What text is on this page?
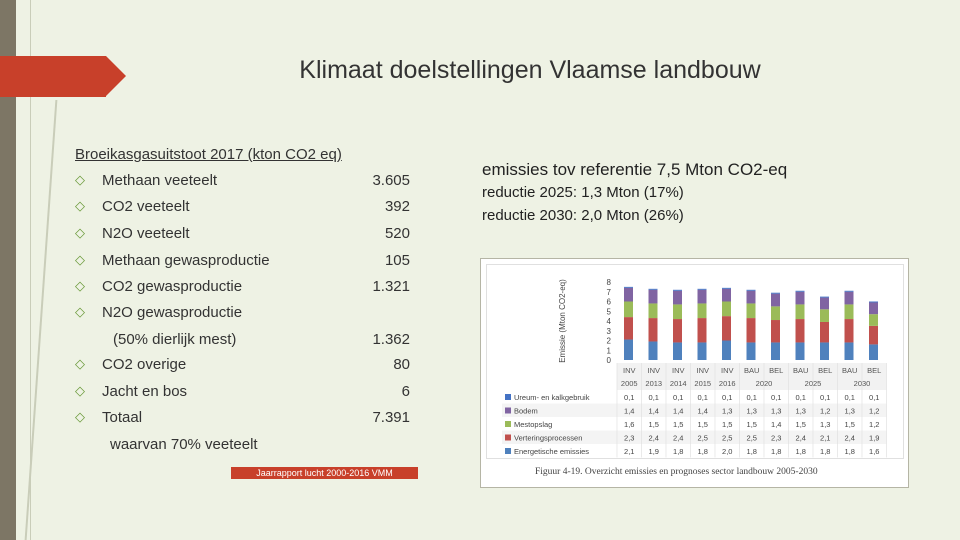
Klimaat doelstellingen Vlaamse landbouw
Broeikasgasuitstoot 2017 (kton CO2 eq)
◇ Methaan veeteelt	3.605
◇ CO2 veeteelt	392
◇ N2O veeteelt	520
◇ Methaan gewasproductie	105
◇ CO2 gewasproductie	1.321
◇ N2O gewasproductie
(50% dierlijk mest)	1.362
◇ CO2 overige	80
◇ Jacht en bos	6
◇ Totaal	7.391
waarvan 70% veeteelt
Jaarrapport lucht 2000-2016 VMM
emissies tov referentie 7,5 Mton CO2-eq
reductie 2025: 1,3 Mton (17%)
reductie 2030: 2,0 Mton (26%)
Emissie (Mton CO2-eq)	8
7
6
5
4
3
2
1
0
INV INV INV INV INV BAU BEL BAU BEL BAU BEL
2005 2013 2014 2015 2016	2020	2025	2030
Ureum- en kalkgebruik	0,1 0,1 0,1 0,1 0,1 0,1 0,1 0,1 0,1 0,1 0,1
Bodem	1,4 1,4 1,4 1,4 1,3 1,3 1,3 1,3 1,2 1,3 1,2
Mestopslag	1,6 1,5 1,5 1,5 1,5 1,5 1,4 1,5 1,3 1,5 1,2
Verteringsprocessen	2,3 2,4 2,4 2,5 2,5 2,5 2,3 2,4 2,1 2,4 1,9
Energetische emissies	2,1 1,9 1,8 1,8 2,0 1,8 1,8 1,8 1,8 1,8 1,6
Figuur 4-19. Overzicht emissies en prognoses sector landbouw 2005-2030
